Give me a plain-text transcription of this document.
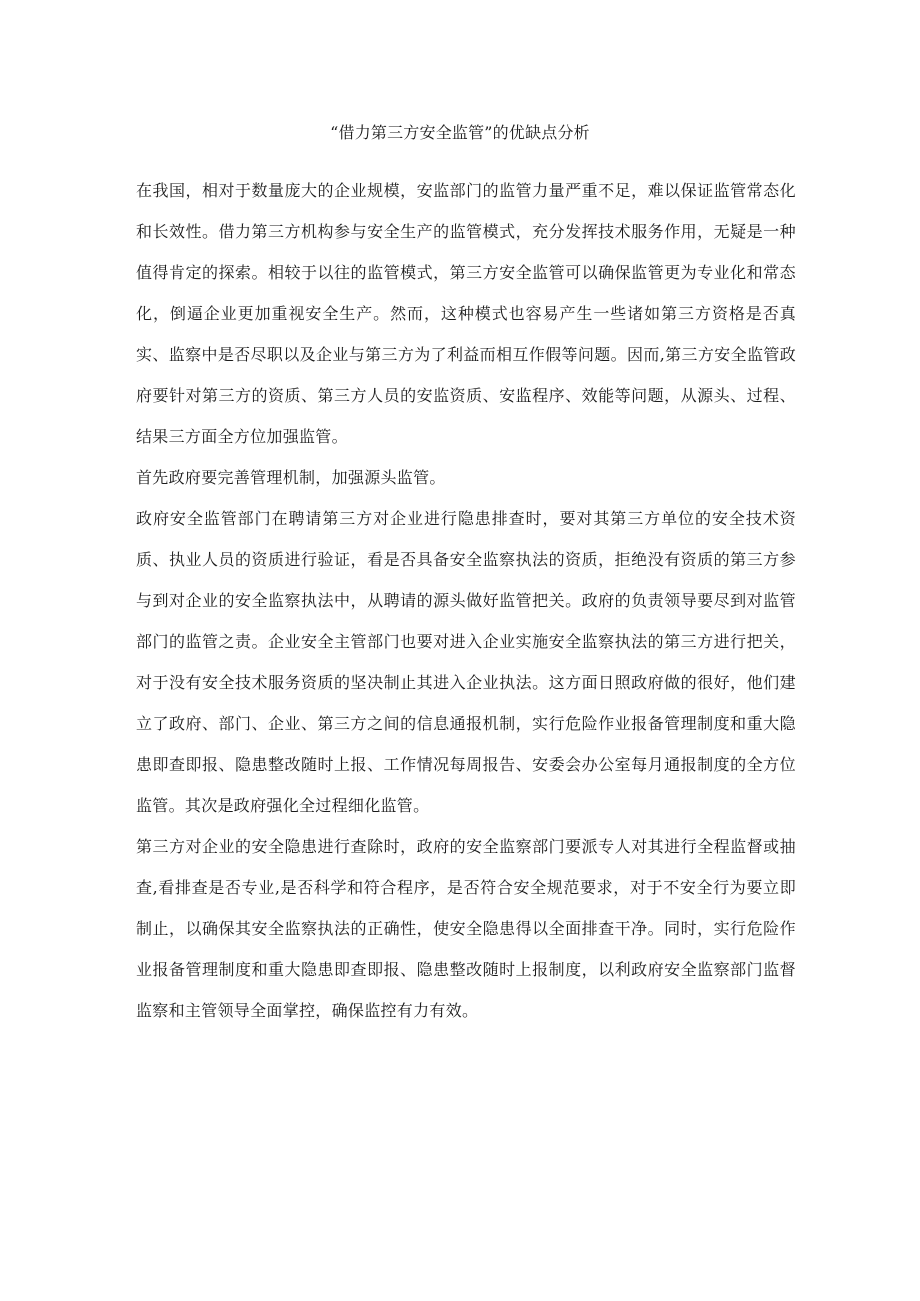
“借力第三方安全监管”的优缺点分析

在我国，相对于数量庞大的企业规模，安监部门的监管力量严重不足，难以保证监管常态化和长效性。借力第三方机构参与安全生产的监管模式，充分发挥技术服务作用，无疑是一种值得肯定的探索。相较于以往的监管模式，第三方安全监管可以确保监管更为专业化和常态化，倒逼企业更加重视安全生产。然而，这种模式也容易产生一些诸如第三方资格是否真实、监察中是否尽职以及企业与第三方为了利益而相互作假等问题。因而,第三方安全监管政府要针对第三方的资质、第三方人员的安监资质、安监程序、效能等问题，从源头、过程、结果三方面全方位加强监管。

首先政府要完善管理机制，加强源头监管。

政府安全监管部门在聘请第三方对企业进行隐患排查时，要对其第三方单位的安全技术资质、执业人员的资质进行验证，看是否具备安全监察执法的资质，拒绝没有资质的第三方参与到对企业的安全监察执法中，从聘请的源头做好监管把关。政府的负责领导要尽到对监管部门的监管之责。企业安全主管部门也要对进入企业实施安全监察执法的第三方进行把关，对于没有安全技术服务资质的坚决制止其进入企业执法。这方面日照政府做的很好，他们建立了政府、部门、企业、第三方之间的信息通报机制，实行危险作业报备管理制度和重大隐患即查即报、隐患整改随时上报、工作情况每周报告、安委会办公室每月通报制度的全方位监管。其次是政府强化全过程细化监管。

第三方对企业的安全隐患进行查除时，政府的安全监察部门要派专人对其进行全程监督或抽查,看排查是否专业,是否科学和符合程序，是否符合安全规范要求，对于不安全行为要立即制止，以确保其安全监察执法的正确性，使安全隐患得以全面排查干净。同时，实行危险作业报备管理制度和重大隐患即查即报、隐患整改随时上报制度，以利政府安全监察部门监督监察和主管领导全面掌控，确保监控有力有效。
